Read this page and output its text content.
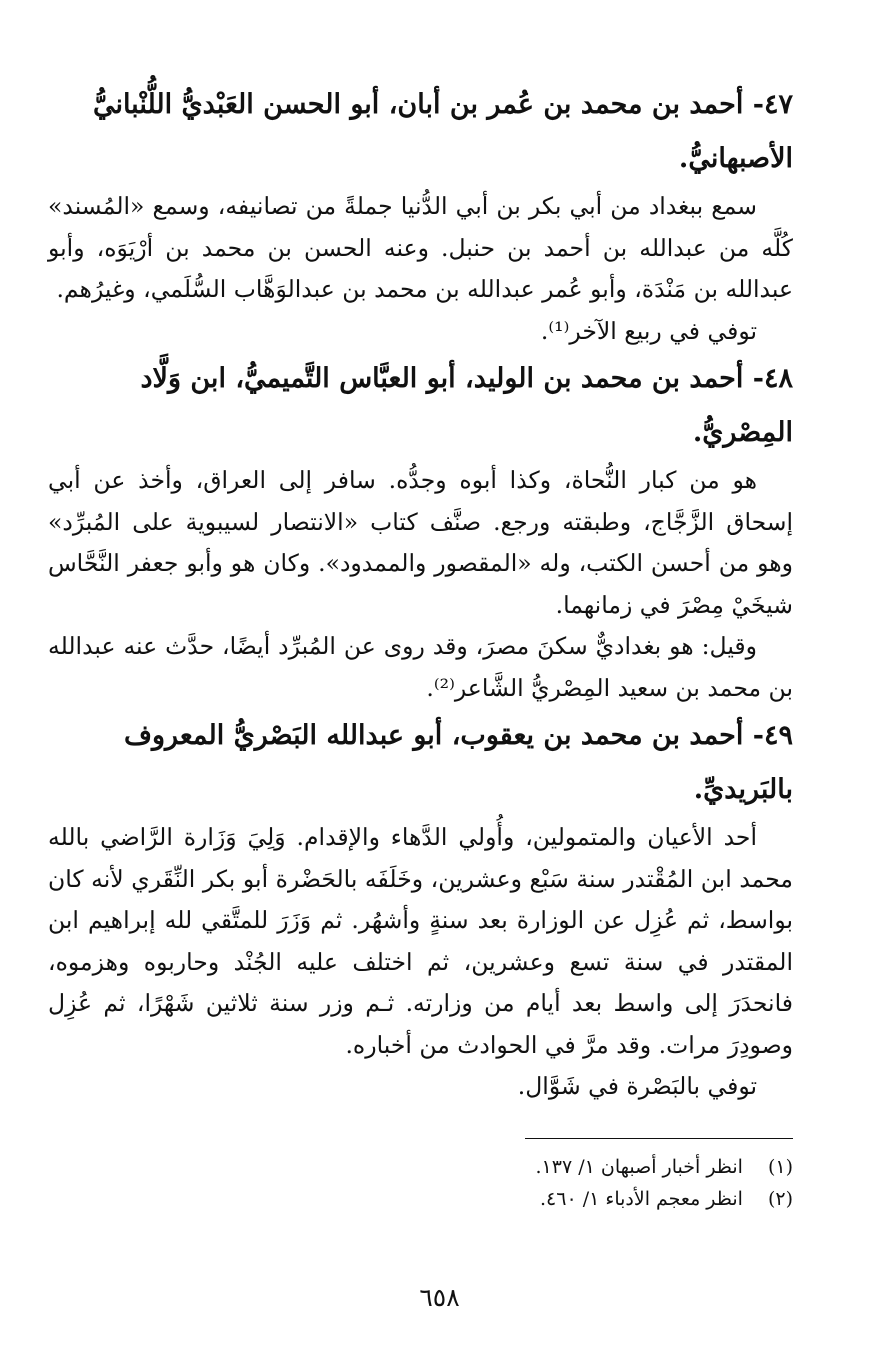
٤٧- أحمد بن محمد بن عُمر بن أبان، أبو الحسن العَبْديُّ اللُّنْبانيُّ الأصبهانيُّ.

سمع ببغداد من أبي بكر بن أبي الدُّنيا جملةً من تصانيفه، وسمع «المُسند» كُلَّه من عبدالله بن أحمد بن حنبل. وعنه الحسن بن محمد بن أرْيَوَه، وأبو عبدالله بن مَنْدَة، وأبو عُمر عبدالله بن محمد بن عبدالوَهَّاب السُّلَمي، وغيرُهم.

توفي في ربيع الآخر⁽¹⁾.

٤٨- أحمد بن محمد بن الوليد، أبو العبَّاس التَّميميُّ، ابن وَلَّاد المِصْريُّ.

هو من كبار النُّحاة، وكذا أبوه وجدُّه. سافر إلى العراق، وأخذ عن أبي إسحاق الزَّجَّاج، وطبقته ورجع. صنَّف كتاب «الانتصار لسيبوية على المُبرِّد» وهو من أحسن الكتب، وله «المقصور والممدود». وكان هو وأبو جعفر النَّحَّاس شيخَيْ مِصْرَ في زمانهما.

وقيل: هو بغداديٌّ سكنَ مصرَ، وقد روى عن المُبرِّد أيضًا، حدَّث عنه عبدالله بن محمد بن سعيد المِصْريُّ الشَّاعر⁽²⁾.

٤٩- أحمد بن محمد بن يعقوب، أبو عبدالله البَصْريُّ المعروف بالبَريديِّ.

أحد الأعيان والمتمولين، وأُولي الدَّهاء والإقدام. وَلِيَ وَزَارة الرَّاضي بالله محمد ابن المُقْتدر سنة سَبْع وعشرين، وخَلَفَه بالحَضْرة أبو بكر النِّقَري لأنه كان بواسط، ثم عُزِل عن الوزارة بعد سنةٍ وأشهُر. ثم وَزَرَ للمتَّقي لله إبراهيم ابن المقتدر في سنة تسع وعشرين، ثم اختلف عليه الجُنْد وحاربوه وهزموه، فانحدَرَ إلى واسط بعد أيام من وزارته. ثـم وزر سنة ثلاثين شَهْرًا، ثم عُزِل وصودِرَ مرات. وقد مرَّ في الحوادث من أخباره.

توفي بالبَصْرة في شَوَّال.

(١) انظر أخبار أصبهان ١/ ١٣٧.

(٢) انظر معجم الأدباء ١/ ٤٦٠.

٦٥٨
